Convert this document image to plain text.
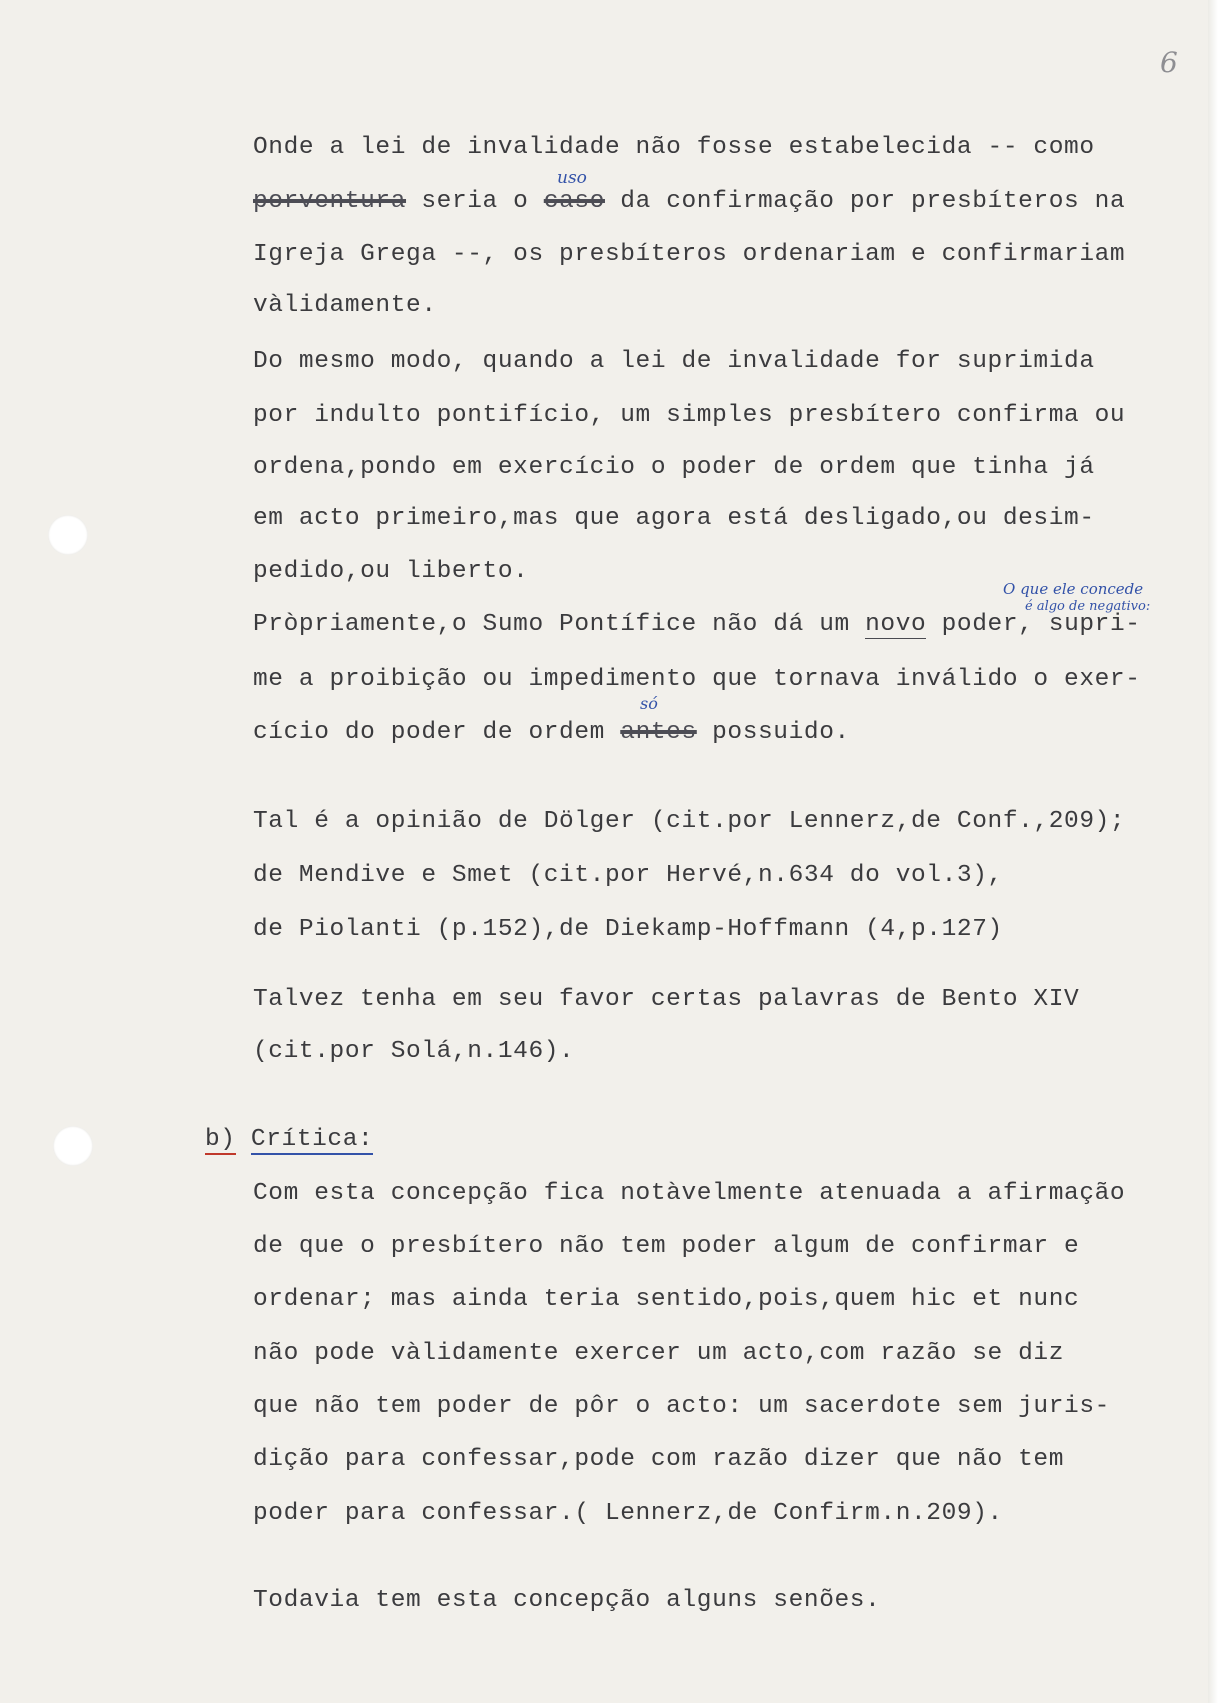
6
Onde a lei de invalidade não fosse estabelecida -- como
uso
porventura seria o caso da confirmação por presbíteros na
Igreja Grega --, os presbíteros ordenariam e confirmariam
vàlidamente.
Do mesmo modo, quando a lei de invalidade for suprimida
por indulto pontifício, um simples presbítero confirma ou
ordena,pondo em exercício o poder de ordem que tinha já
em acto primeiro,mas que agora está desligado,ou desim-
pedido,ou liberto.
O que ele concede
é algo de negativo:
Pròpriamente,o Sumo Pontífice não dá um novo poder, supri-
me a proibição ou impedimento que tornava inválido o exer-
só
cício do poder de ordem antes possuido.
Tal é a opinião de Dölger (cit.por Lennerz,de Conf.,209);
de Mendive e Smet (cit.por Hervé,n.634 do vol.3),
de Piolanti (p.152),de Diekamp-Hoffmann (4,p.127)
Talvez tenha em seu favor certas palavras de Bento XIV
(cit.por Solá,n.146).
b) Crítica:
Com esta concepção fica notàvelmente atenuada a afirmação
de que o presbítero não tem poder algum de confirmar e
ordenar; mas ainda teria sentido,pois,quem hic et nunc
não pode vàlidamente exercer um acto,com razão se diz
que não tem poder de pôr o acto: um sacerdote sem juris-
dição para confessar,pode com razão dizer que não tem
poder para confessar.( Lennerz,de Confirm.n.209).
Todavia tem esta concepção alguns senões.
